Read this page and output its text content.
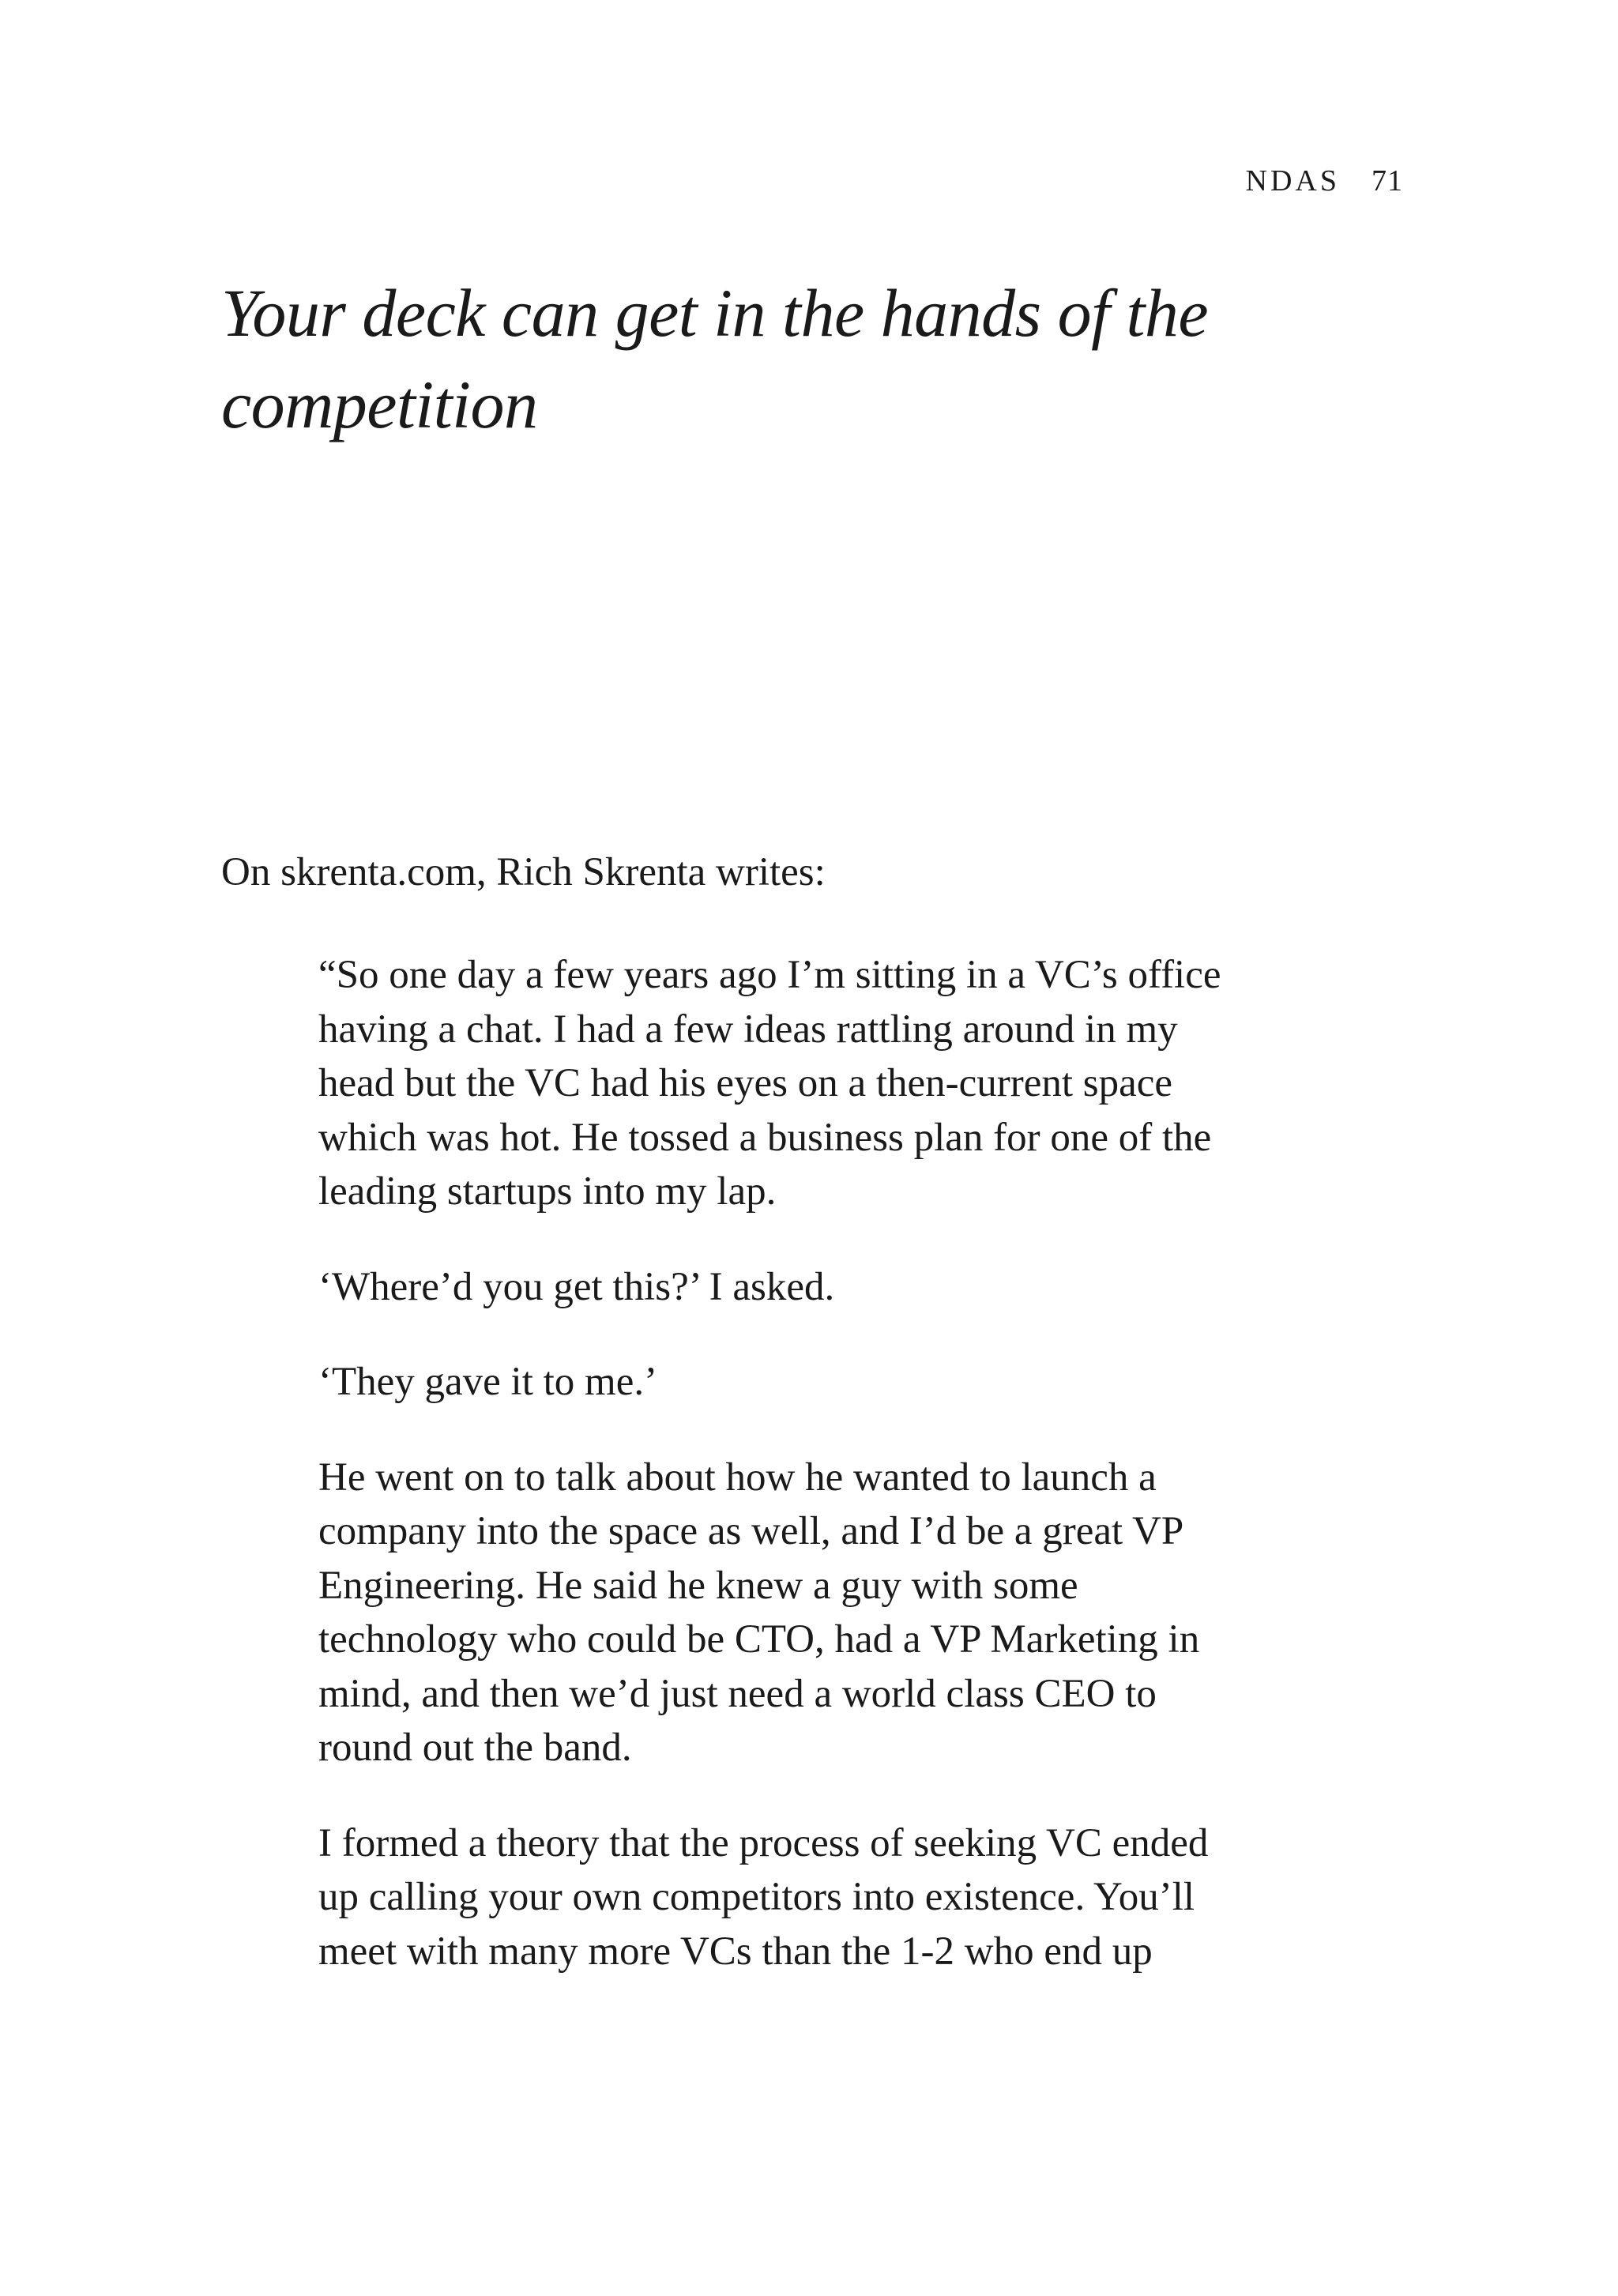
NDAS 71
Your deck can get in the hands of the
competition

On skrenta.com, Rich Skrenta writes:

“So one day a few years ago I’m sitting in a VC’s office
having a chat. I had a few ideas rattling around in my
head but the VC had his eyes on a then-current space
which was hot. He tossed a business plan for one of the
leading startups into my lap.

‘Where’d you get this?’ I asked.

‘They gave it to me.’

He went on to talk about how he wanted to launch a
company into the space as well, and I’d be a great VP
Engineering. He said he knew a guy with some
technology who could be CTO, had a VP Marketing in
mind, and then we’d just need a world class CEO to
round out the band.

I formed a theory that the process of seeking VC ended
up calling your own competitors into existence. You’ll
meet with many more VCs than the 1-2 who end up
